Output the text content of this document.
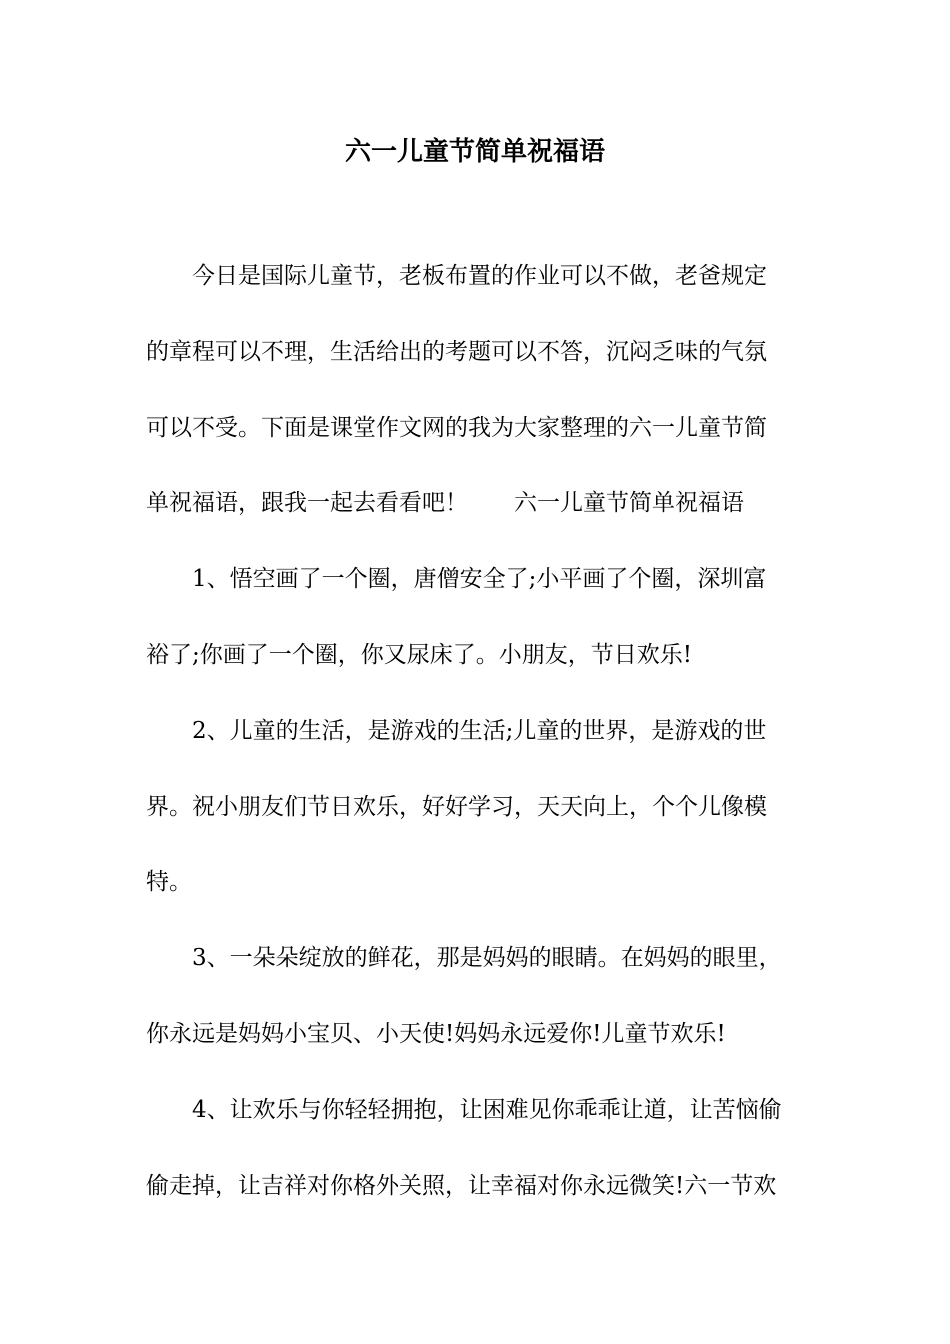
六一儿童节简单祝福语
今日是国际儿童节，老板布置的作业可以不做，老爸规定
的章程可以不理，生活给出的考题可以不答，沉闷乏味的气氛
可以不受。下面是课堂作文网的我为大家整理的六一儿童节简
单祝福语，跟我一起去看看吧！ 六一儿童节简单祝福语
1、悟空画了一个圈，唐僧安全了;小平画了个圈，深圳富
裕了;你画了一个圈，你又尿床了。小朋友，节日欢乐!
2、儿童的生活，是游戏的生活;儿童的世界，是游戏的世
界。祝小朋友们节日欢乐，好好学习，天天向上，个个儿像模
特。
3、一朵朵绽放的鲜花，那是妈妈的眼睛。在妈妈的眼里，
你永远是妈妈小宝贝、小天使!妈妈永远爱你!儿童节欢乐!
4、让欢乐与你轻轻拥抱，让困难见你乖乖让道，让苦恼偷
偷走掉，让吉祥对你格外关照，让幸福对你永远微笑!六一节欢
